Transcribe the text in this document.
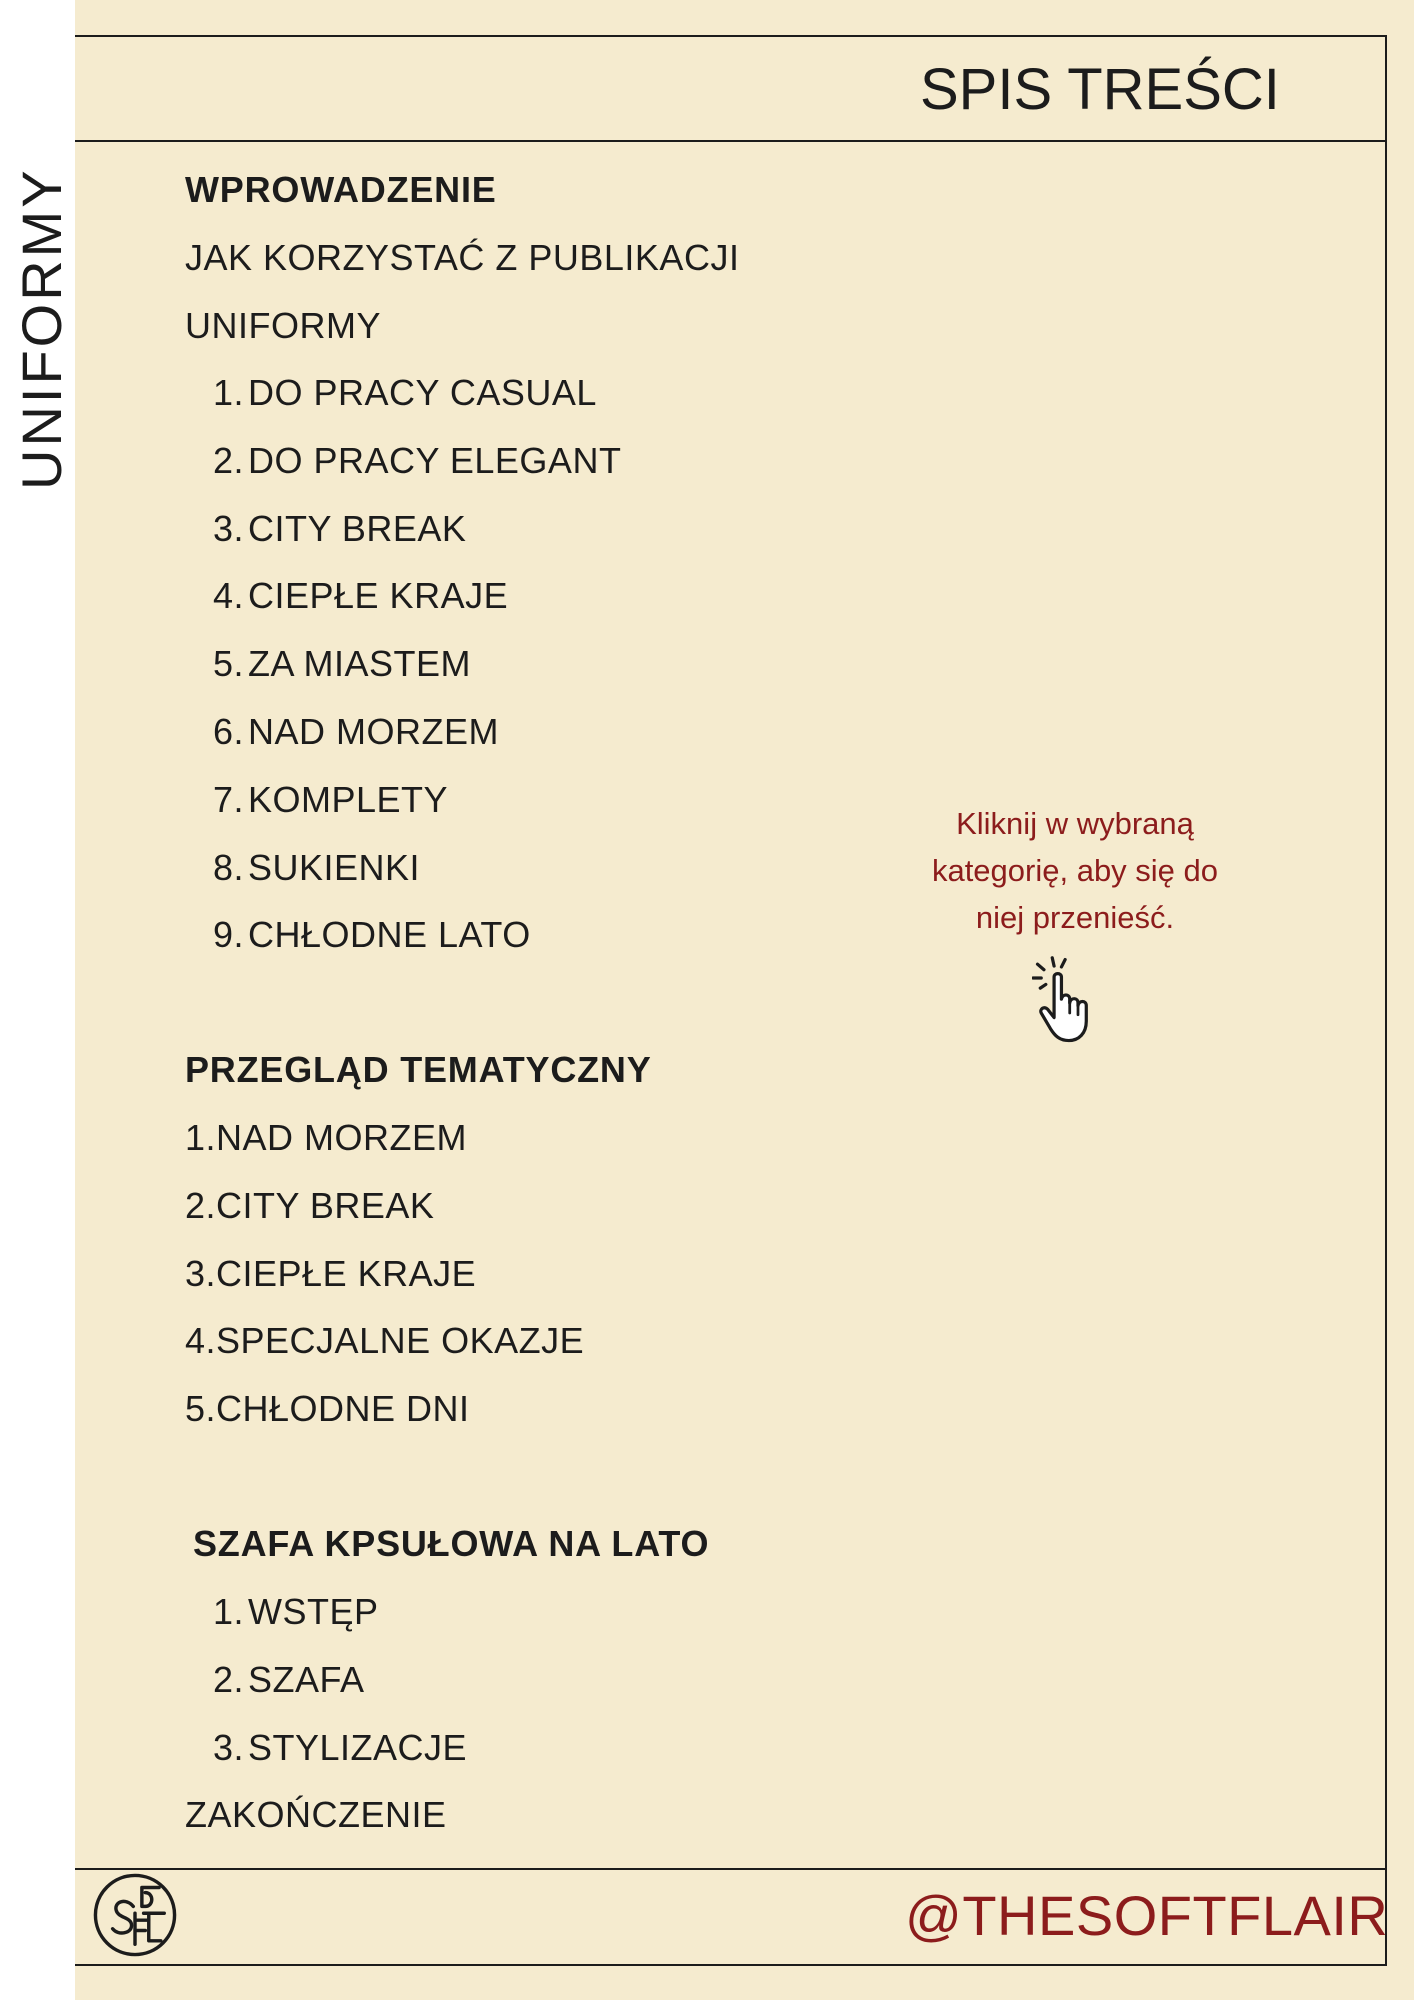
UNIFORMY
SPIS TREŚCI
WPROWADZENIE
JAK KORZYSTAĆ Z PUBLIKACJI
UNIFORMY
1. DO PRACY CASUAL
2. DO PRACY ELEGANT
3. CITY BREAK
4. CIEPŁE KRAJE
5. ZA MIASTEM
6. NAD MORZEM
7. KOMPLETY
8. SUKIENKI
9. CHŁODNE LATO
PRZEGLĄD TEMATYCZNY
1.NAD MORZEM
2.CITY BREAK
3.CIEPŁE KRAJE
4.SPECJALNE OKAZJE
5.CHŁODNE DNI
SZAFA KPSUŁOWA NA LATO
1. WSTĘP
2. SZAFA
3. STYLIZACJE
ZAKOŃCZENIE
Kliknij w wybraną
kategorię, aby się do
niej przenieść.
@THESOFTFLAIR
